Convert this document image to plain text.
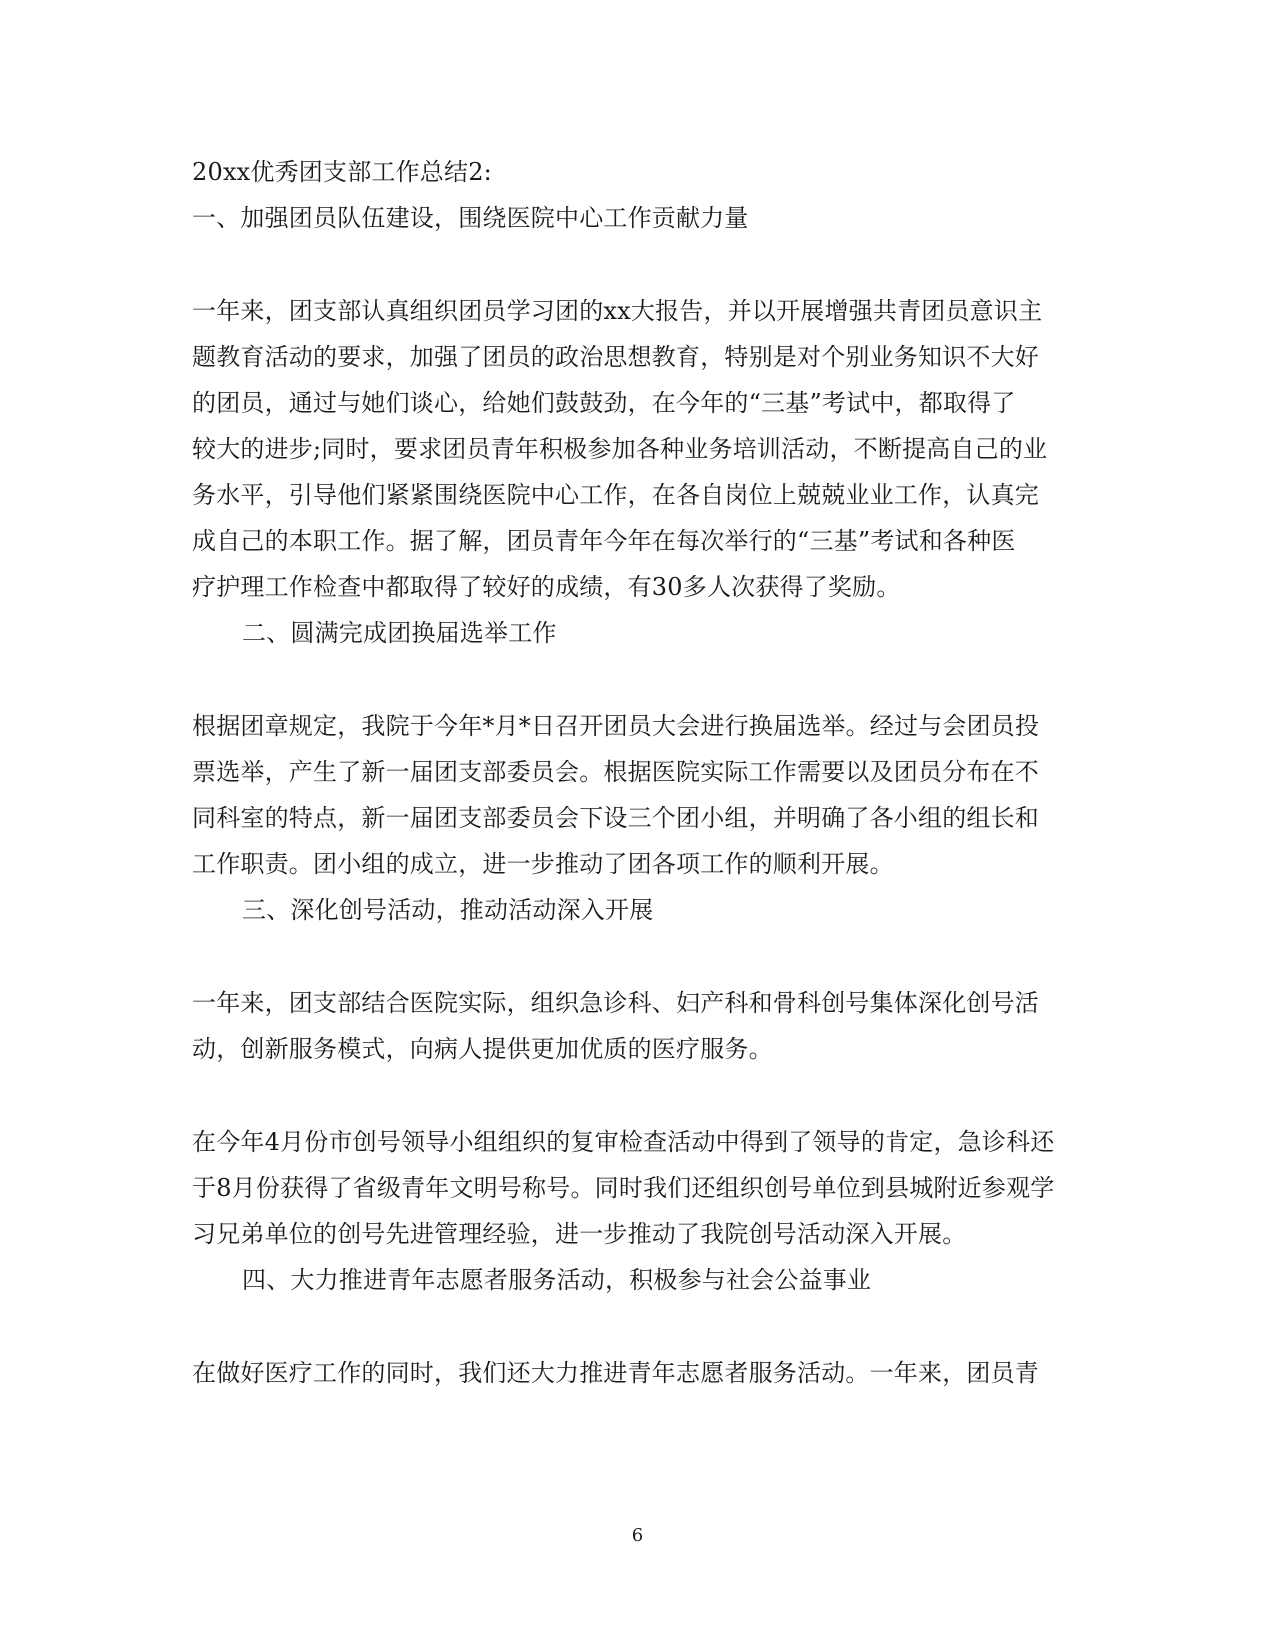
20xx优秀团支部工作总结2:
一、加强团员队伍建设，围绕医院中心工作贡献力量
一年来，团支部认真组织团员学习团的xx大报告，并以开展增强共青团员意识主
题教育活动的要求，加强了团员的政治思想教育，特别是对个别业务知识不大好
的团员，通过与她们谈心，给她们鼓鼓劲，在今年的“三基”考试中，都取得了
较大的进步;同时，要求团员青年积极参加各种业务培训活动，不断提高自己的业
务水平，引导他们紧紧围绕医院中心工作，在各自岗位上兢兢业业工作，认真完
成自己的本职工作。据了解，团员青年今年在每次举行的“三基”考试和各种医
疗护理工作检查中都取得了较好的成绩，有30多人次获得了奖励。
二、圆满完成团换届选举工作
根据团章规定，我院于今年*月*日召开团员大会进行换届选举。经过与会团员投
票选举，产生了新一届团支部委员会。根据医院实际工作需要以及团员分布在不
同科室的特点，新一届团支部委员会下设三个团小组，并明确了各小组的组长和
工作职责。团小组的成立，进一步推动了团各项工作的顺利开展。
三、深化创号活动，推动活动深入开展
一年来，团支部结合医院实际，组织急诊科、妇产科和骨科创号集体深化创号活
动，创新服务模式，向病人提供更加优质的医疗服务。
在今年4月份市创号领导小组组织的复审检查活动中得到了领导的肯定，急诊科还
于8月份获得了省级青年文明号称号。同时我们还组织创号单位到县城附近参观学
习兄弟单位的创号先进管理经验，进一步推动了我院创号活动深入开展。
四、大力推进青年志愿者服务活动，积极参与社会公益事业
在做好医疗工作的同时，我们还大力推进青年志愿者服务活动。一年来，团员青
6
